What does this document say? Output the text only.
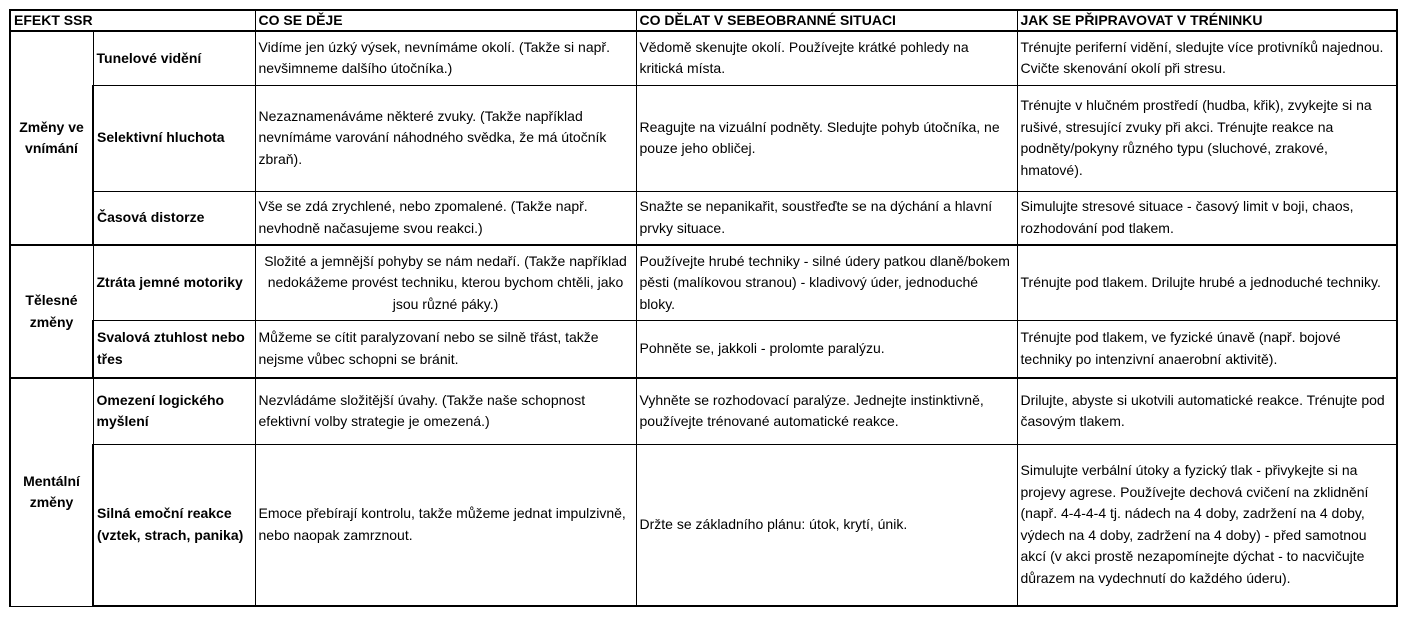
EFEKT SSR		CO SE DĚJE	CO DĚLAT V SEBEOBRANNÉ SITUACI	JAK SE PŘIPRAVOVAT V TRÉNINKU
Změny ve vnímání	Tunelové vidění	Vidíme jen úzký výsek, nevnímáme okolí. (Takže si např. nevšimneme dalšího útočníka.)	Vědomě skenujte okolí. Používejte krátké pohledy na kritická místa.	Trénujte periferní vidění, sledujte více protivníků najednou. Cvičte skenování okolí při stresu.
	Selektivní hluchota	Nezaznamenáváme některé zvuky. (Takže například nevnímáme varování náhodného svědka, že má útočník zbraň).	Reagujte na vizuální podněty. Sledujte pohyb útočníka, ne pouze jeho obličej.	Trénujte v hlučném prostředí (hudba, křik), zvykejte si na rušivé, stresující zvuky při akci. Trénujte reakce na podněty/pokyny různého typu (sluchové, zrakové, hmatové).
	Časová distorze	Vše se zdá zrychlené, nebo zpomalené. (Takže např. nevhodně načasujeme svou reakci.)	Snažte se nepanikařit, soustřeďte se na dýchání a hlavní prvky situace.	Simulujte stresové situace - časový limit v boji, chaos, rozhodování pod tlakem.
Tělesné změny	Ztráta jemné motoriky	Složité a jemnější pohyby se nám nedaří. (Takže například nedokážeme provést techniku, kterou bychom chtěli, jako jsou různé páky.)	Používejte hrubé techniky - silné údery patkou dlaně/bokem pěsti (malíkovou stranou) - kladivový úder, jednoduché bloky.	Trénujte pod tlakem. Drilujte hrubé a jednoduché techniky.
	Svalová ztuhlost nebo třes	Můžeme se cítit paralyzovaní nebo se silně třást, takže nejsme vůbec schopni se bránit.	Pohněte se, jakkoli - prolomte paralýzu.	Trénujte pod tlakem, ve fyzické únavě (např. bojové techniky po intenzivní anaerobní aktivitě).
Mentální změny	Omezení logického myšlení	Nezvládáme složitější úvahy. (Takže naše schopnost efektivní volby strategie je omezená.)	Vyhněte se rozhodovací paralýze. Jednejte instinktivně, používejte trénované automatické reakce.	Drilujte, abyste si ukotvili automatické reakce. Trénujte pod časovým tlakem.
	Silná emoční reakce (vztek, strach, panika)	Emoce přebírají kontrolu, takže můžeme jednat impulzivně, nebo naopak zamrznout.	Držte se základního plánu: útok, krytí, únik.	Simulujte verbální útoky a fyzický tlak - přivykejte si na projevy agrese. Používejte dechová cvičení na zklidnění (např. 4-4-4-4 tj. nádech na 4 doby, zadržení na 4 doby, výdech na 4 doby, zadržení na 4 doby) - před samotnou akcí (v akci prostě nezapomínejte dýchat - to nacvičujte důrazem na vydechnutí do každého úderu).
